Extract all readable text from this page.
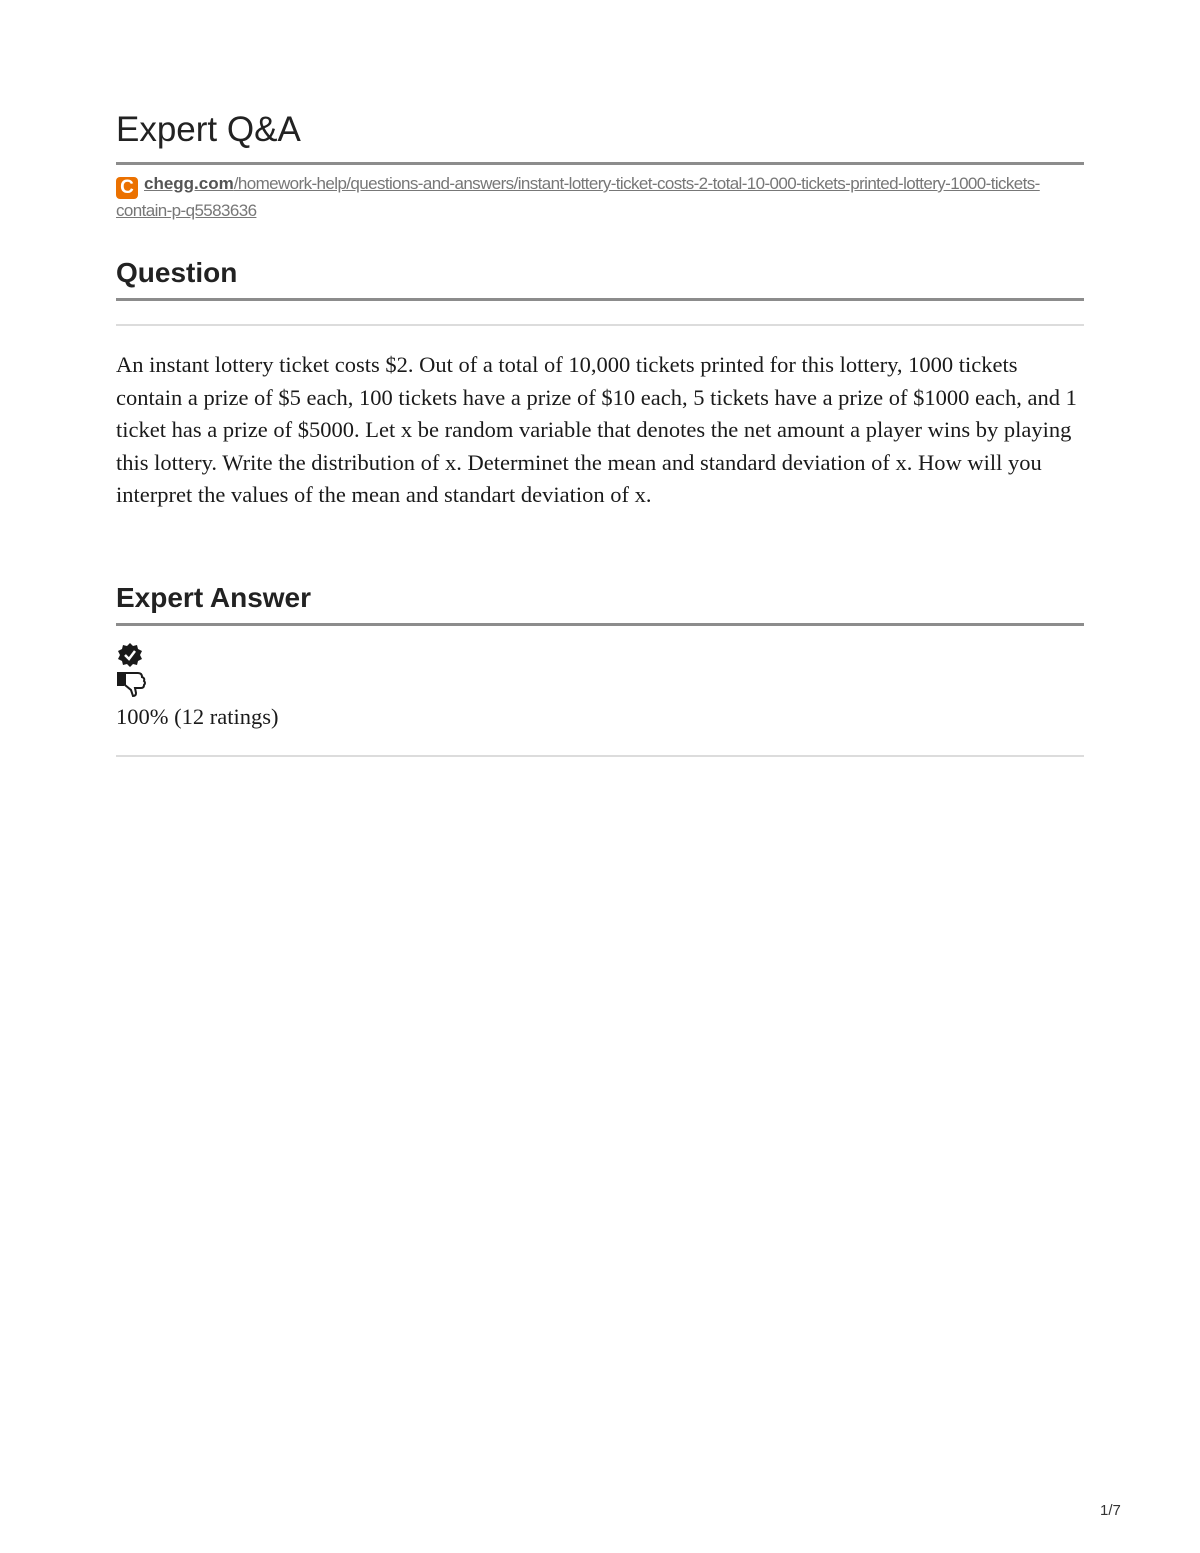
Expert Q&A
C chegg.com/homework-help/questions-and-answers/instant-lottery-ticket-costs-2-total-10-000-tickets-printed-lottery-1000-tickets-contain-p-q5583636
Question

An instant lottery ticket costs $2. Out of a total of 10,000 tickets printed for this lottery, 1000 tickets contain a prize of $5 each, 100 tickets have a prize of $10 each, 5 tickets have a prize of $1000 each, and 1 ticket has a prize of $5000. Let x be random variable that denotes the net amount a player wins by playing this lottery. Write the distribution of x. Determinet the mean and standard deviation of x. How will you interpret the values of the mean and standart deviation of x.

Expert Answer
100% (12 ratings)
1/7
